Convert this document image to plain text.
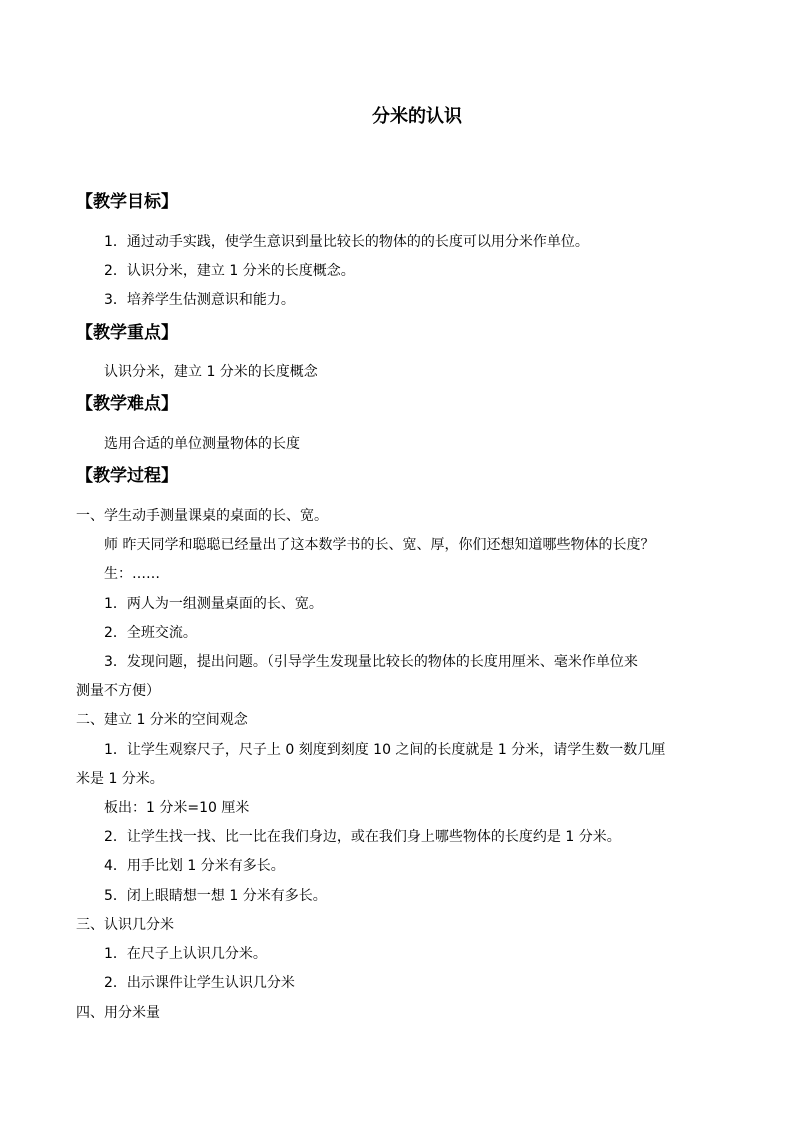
分米的认识
【教学目标】
1．通过动手实践，使学生意识到量比较长的物体的的长度可以用分米作单位。
2．认识分米，建立 1 分米的长度概念。
3．培养学生估测意识和能力。
【教学重点】
认识分米，建立 1 分米的长度概念
【教学难点】
选用合适的单位测量物体的长度
【教学过程】
一、学生动手测量课桌的桌面的长、宽。
师 昨天同学和聪聪已经量出了这本数学书的长、宽、厚，你们还想知道哪些物体的长度？
生：……
1．两人为一组测量桌面的长、宽。
2．全班交流。
3．发现问题，提出问题。（引导学生发现量比较长的物体的长度用厘米、毫米作单位来
测量不方便）
二、建立 1 分米的空间观念
1．让学生观察尺子，尺子上 0 刻度到刻度 10 之间的长度就是 1 分米，请学生数一数几厘
米是 1 分米。
板出：1 分米=10 厘米
2．让学生找一找、比一比在我们身边，或在我们身上哪些物体的长度约是 1 分米。
4．用手比划 1 分米有多长。
5．闭上眼睛想一想 1 分米有多长。
三、认识几分米
1．在尺子上认识几分米。
2．出示课件让学生认识几分米
四、用分米量
